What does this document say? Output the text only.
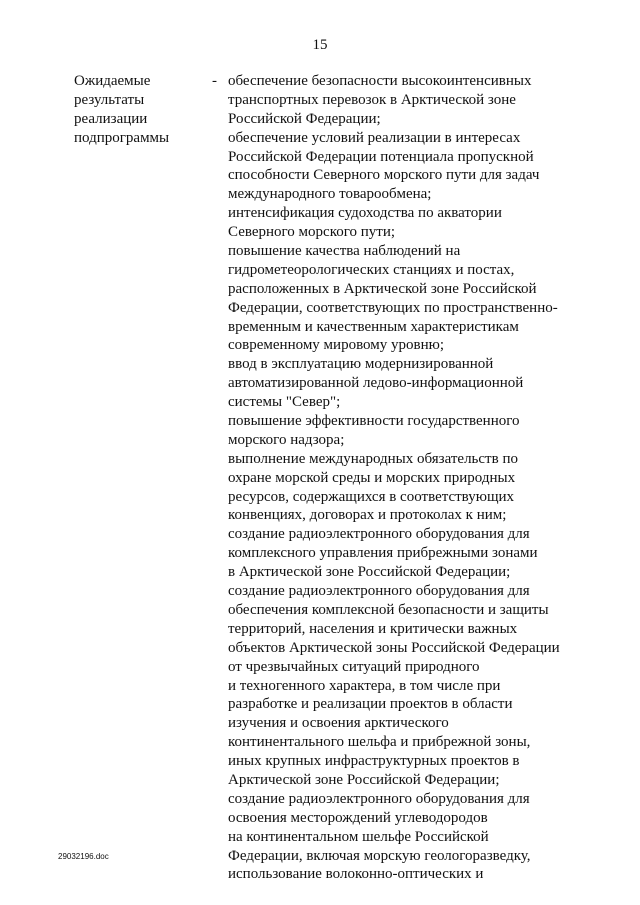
15
Ожидаемые
результаты
реализации
подпрограммы
- обеспечение безопасности высокоинтенсивных
транспортных перевозок в Арктической зоне
Российской Федерации;
обеспечение условий реализации в интересах
Российской Федерации потенциала пропускной
способности Северного морского пути для задач
международного товарообмена;
интенсификация судоходства по акватории
Северного морского пути;
повышение качества наблюдений на
гидрометеорологических станциях и постах,
расположенных в Арктической зоне Российской
Федерации, соответствующих по пространственно-
временным и качественным характеристикам
современному мировому уровню;
ввод в эксплуатацию модернизированной
автоматизированной ледово-информационной
системы "Север";
повышение эффективности государственного
морского надзора;
выполнение международных обязательств по
охране морской среды и морских природных
ресурсов, содержащихся в соответствующих
конвенциях, договорах и протоколах к ним;
создание радиоэлектронного оборудования для
комплексного управления прибрежными зонами
в Арктической зоне Российской Федерации;
создание радиоэлектронного оборудования для
обеспечения комплексной безопасности и защиты
территорий, населения и критически важных
объектов Арктической зоны Российской Федерации
от чрезвычайных ситуаций природного
и техногенного характера, в том числе при
разработке и реализации проектов в области
изучения и освоения арктического
континентального шельфа и прибрежной зоны,
иных крупных инфраструктурных проектов в
Арктической зоне Российской Федерации;
создание радиоэлектронного оборудования для
освоения месторождений углеводородов
на континентальном шельфе Российской
Федерации, включая морскую геологоразведку,
использование волоконно-оптических и
29032196.doc
